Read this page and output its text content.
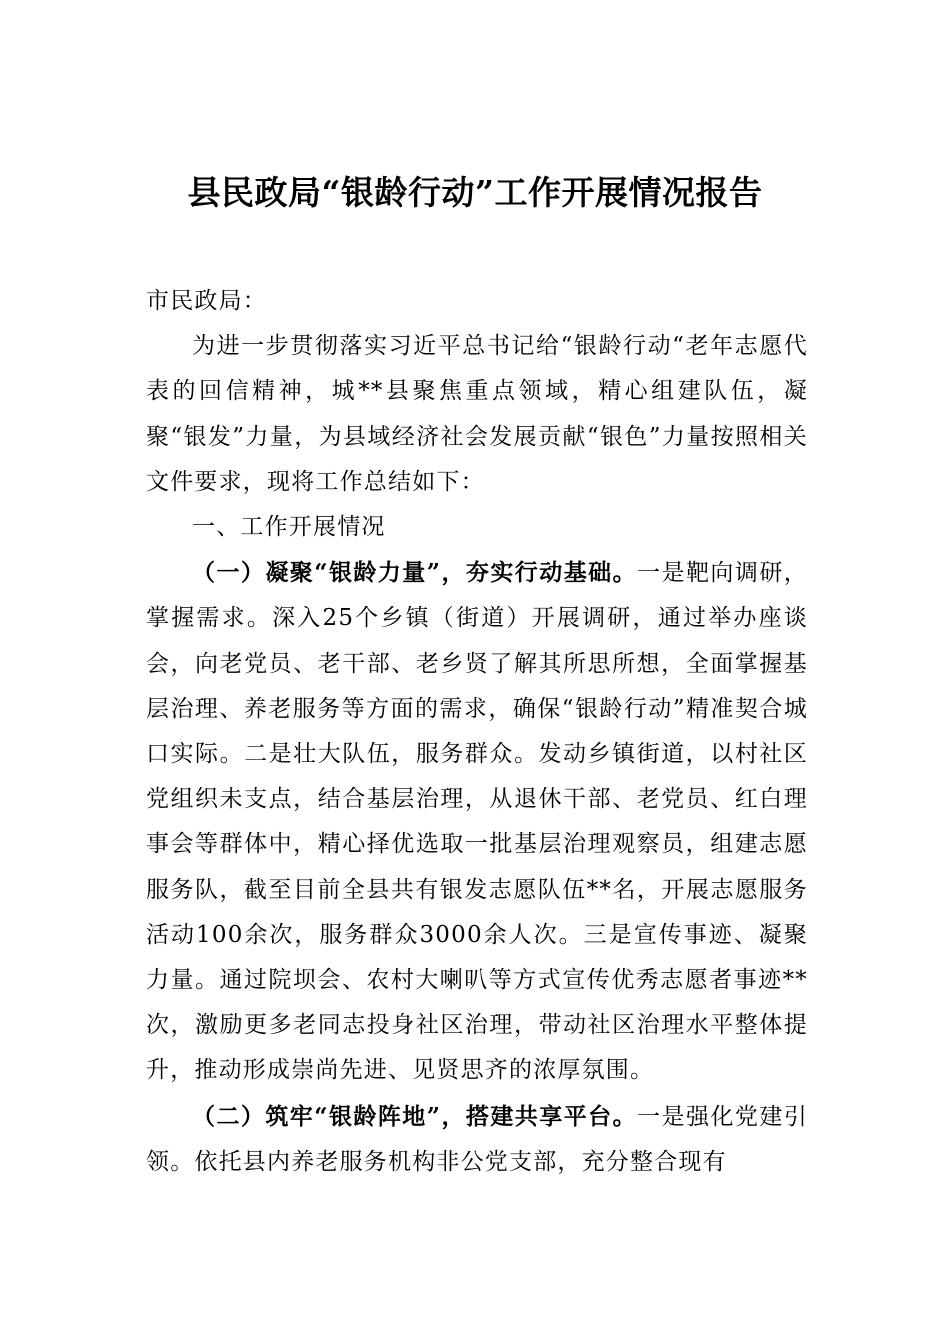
县民政局“银龄行动”工作开展情况报告

市民政局：

为进一步贯彻落实习近平总书记给“银龄行动“老年志愿代表的回信精神，城**县聚焦重点领域，精心组建队伍，凝聚“银发”力量，为县域经济社会发展贡献“银色”力量按照相关文件要求，现将工作总结如下：

一、工作开展情况

（一）凝聚“银龄力量”，夯实行动基础。一是靶向调研，掌握需求。深入25个乡镇（街道）开展调研，通过举办座谈会，向老党员、老干部、老乡贤了解其所思所想，全面掌握基层治理、养老服务等方面的需求，确保“银龄行动”精准契合城口实际。二是壮大队伍，服务群众。发动乡镇街道，以村社区党组织未支点，结合基层治理，从退休干部、老党员、红白理事会等群体中，精心择优选取一批基层治理观察员，组建志愿服务队，截至目前全县共有银发志愿队伍**名，开展志愿服务活动100余次，服务群众3000余人次。三是宣传事迹、凝聚力量。通过院坝会、农村大喇叭等方式宣传优秀志愿者事迹**次，激励更多老同志投身社区治理，带动社区治理水平整体提升，推动形成崇尚先进、见贤思齐的浓厚氛围。

（二）筑牢“银龄阵地”，搭建共享平台。一是强化党建引领。依托县内养老服务机构非公党支部，充分整合现有
